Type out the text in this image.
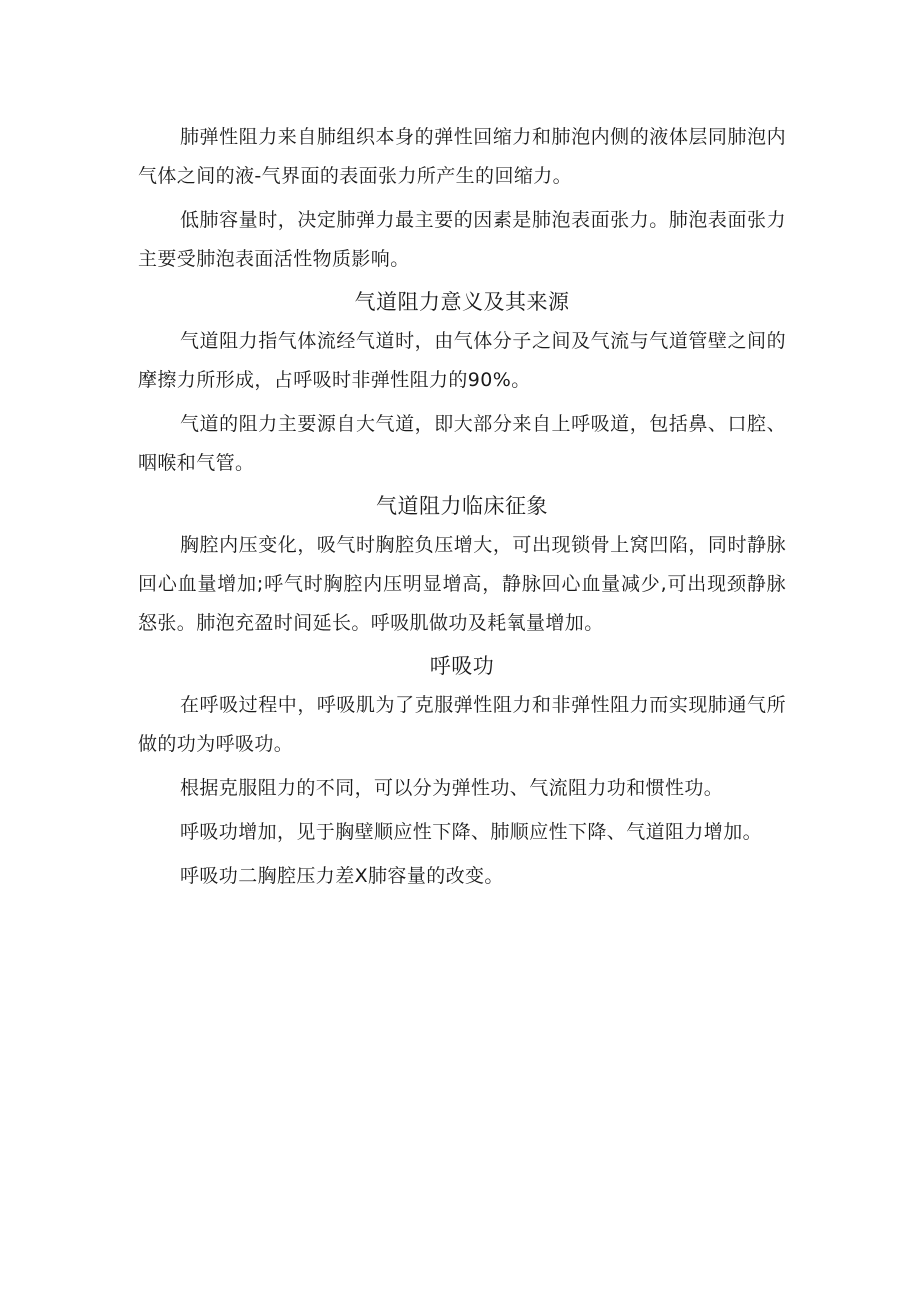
肺弹性阻力来自肺组织本身的弹性回缩力和肺泡内侧的液体层同肺泡内气体之间的液-气界面的表面张力所产生的回缩力。

低肺容量时，决定肺弹力最主要的因素是肺泡表面张力。肺泡表面张力主要受肺泡表面活性物质影响。

气道阻力意义及其来源

气道阻力指气体流经气道时，由气体分子之间及气流与气道管壁之间的摩擦力所形成，占呼吸时非弹性阻力的90%。

气道的阻力主要源自大气道，即大部分来自上呼吸道，包括鼻、口腔、咽喉和气管。

气道阻力临床征象

胸腔内压变化，吸气时胸腔负压增大，可出现锁骨上窝凹陷，同时静脉回心血量增加;呼气时胸腔内压明显增高，静脉回心血量减少,可出现颈静脉怒张。肺泡充盈时间延长。呼吸肌做功及耗氧量增加。

呼吸功

在呼吸过程中，呼吸肌为了克服弹性阻力和非弹性阻力而实现肺通气所做的功为呼吸功。

根据克服阻力的不同，可以分为弹性功、气流阻力功和惯性功。

呼吸功增加，见于胸壁顺应性下降、肺顺应性下降、气道阻力增加。

呼吸功二胸腔压力差X肺容量的改变。
